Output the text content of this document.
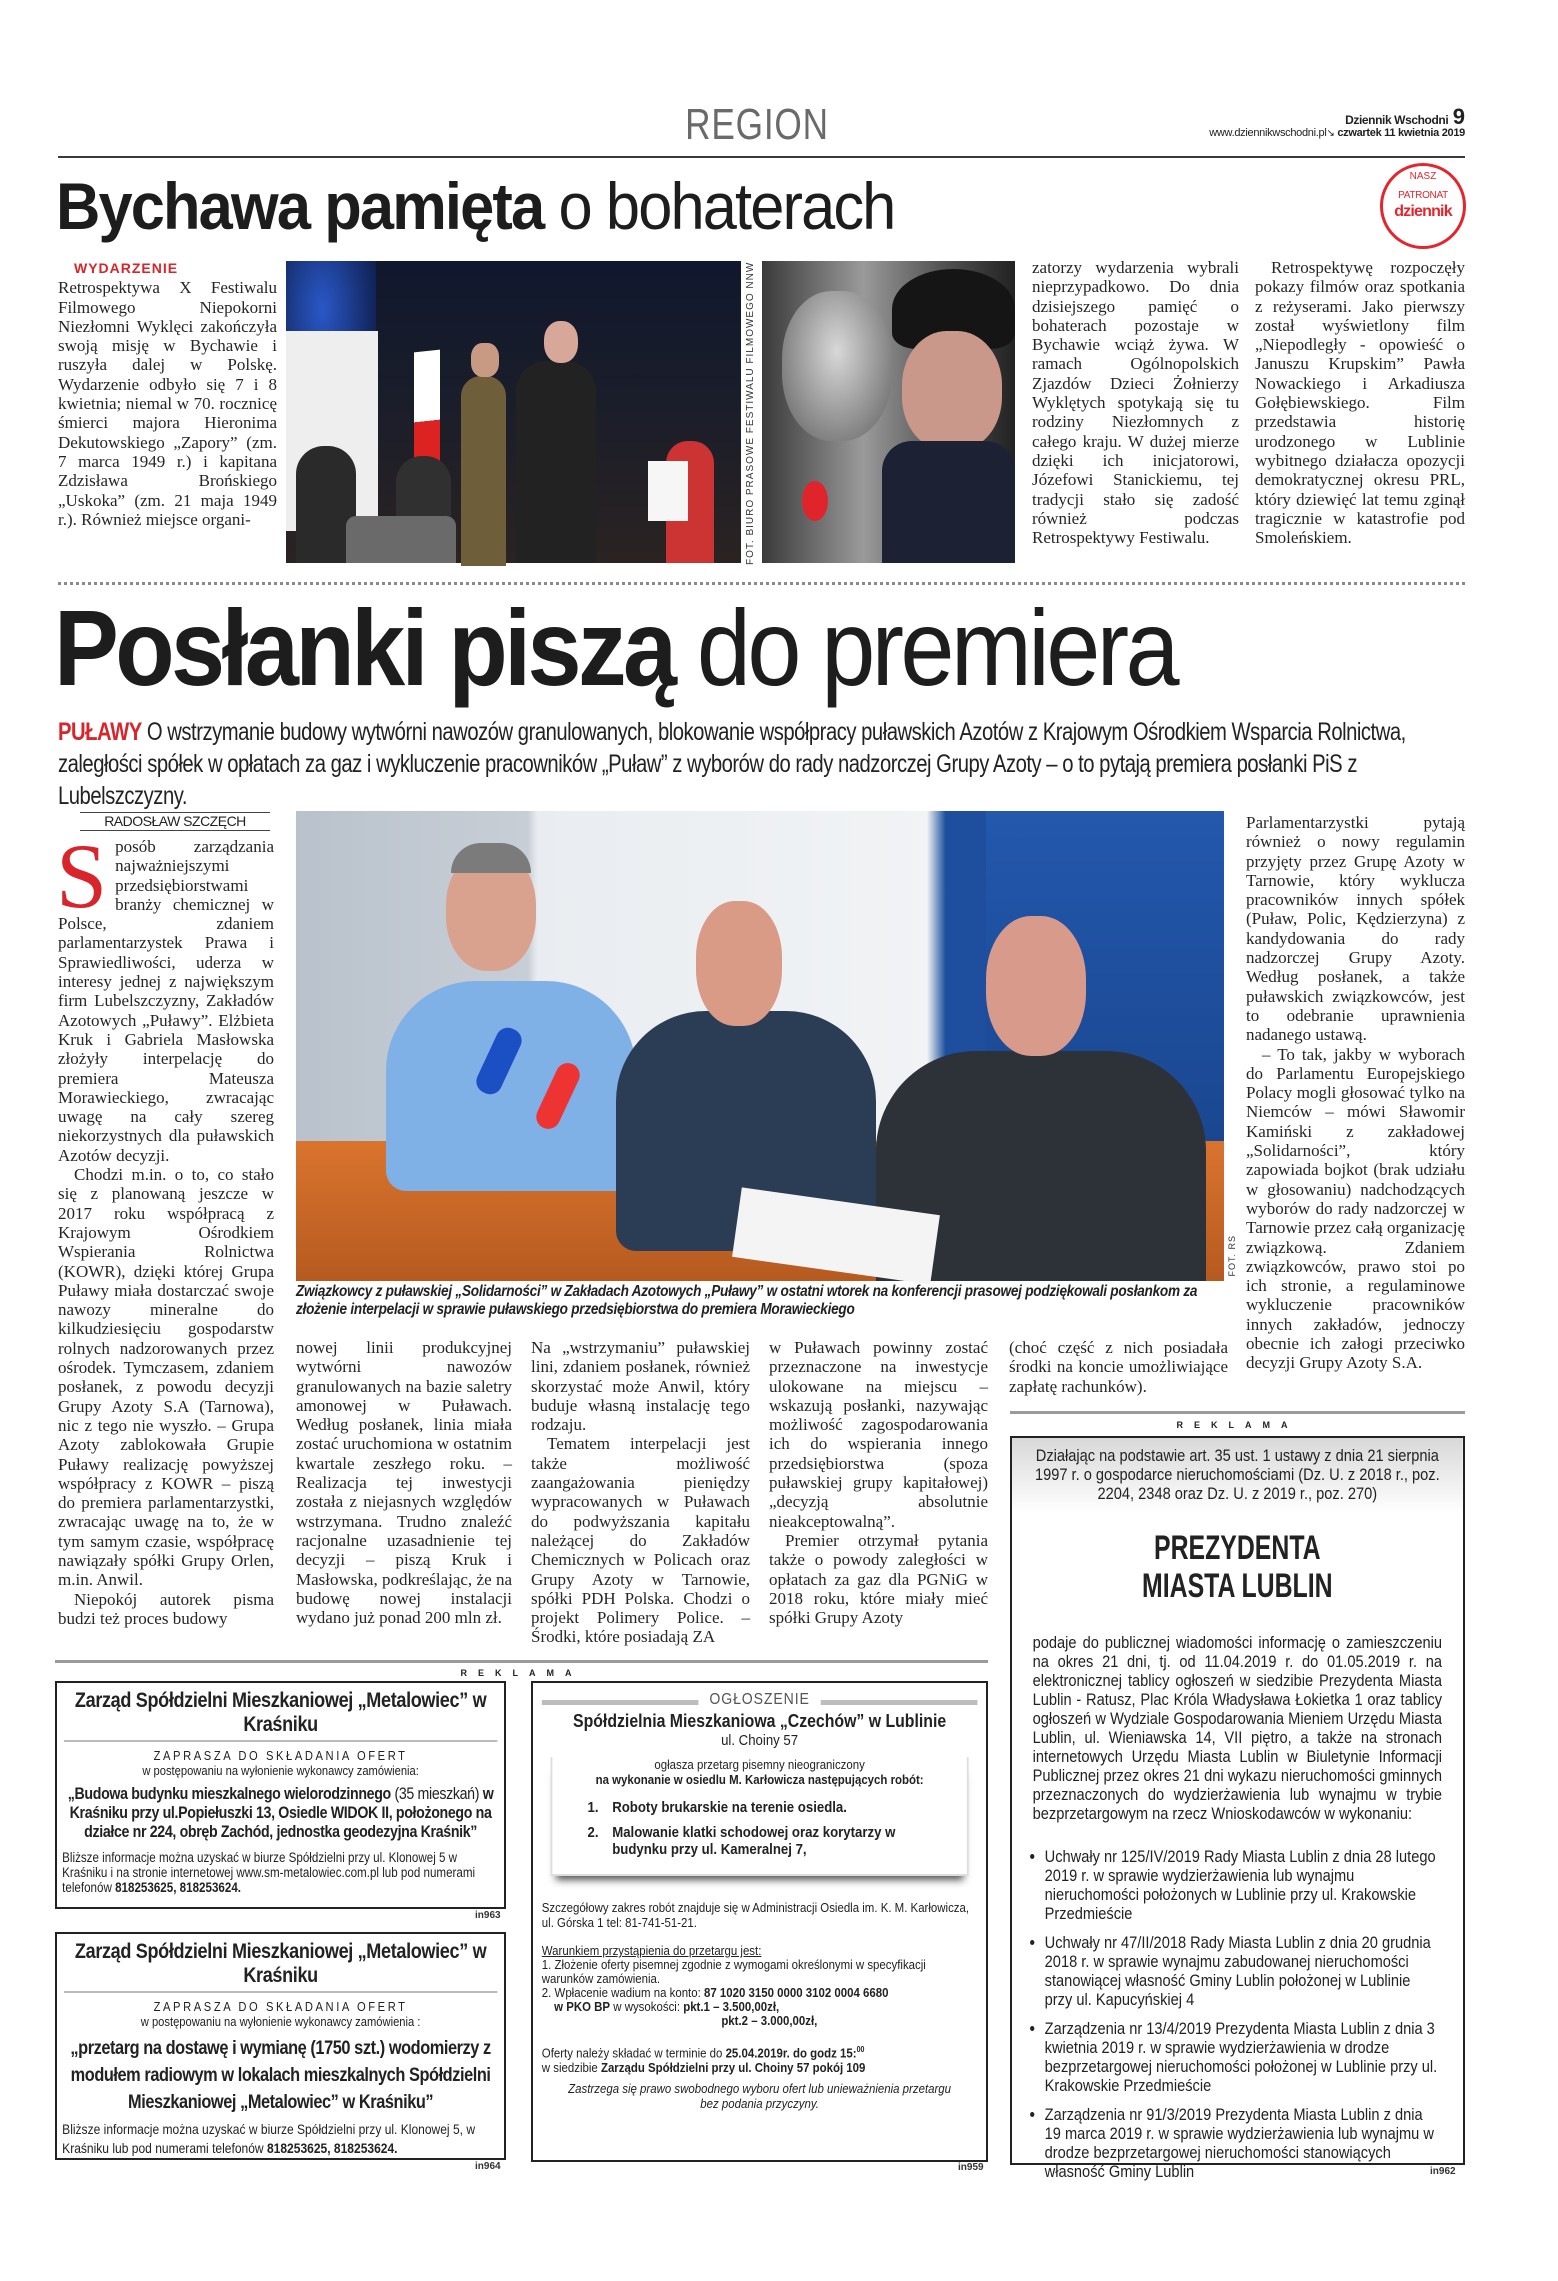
REGION	Dziennik Wschodni 9
www.dziennikwschodni.pl↘ czwartek 11 kwietnia 2019
NASZ
PATRONAT
dziennik
Bychawa pamięta o bohaterach

WYDARZENIE Retrospektywa X Festiwalu Filmowego Niepokorni Niezłomni Wyklęci zakończyła swoją misję w Bychawie i ruszyła dalej w Polskę. Wydarzenie odbyło się 7 i 8 kwietnia; niemal w 70. rocznicę śmierci majora Hieronima Dekutowskiego „Zapory” (zm. 7 marca 1949 r.) i kapitana Zdzisława Brońskiego „Uskoka” (zm. 21 maja 1949 r.). Również miejsce organi-	FOT. BIURO PRASOWE FESTIWALU FILMOWEGO NNW	zatorzy wydarzenia wybrali nieprzypadkowo. Do dnia dzisiejszego pamięć o bohaterach pozostaje w Bychawie wciąż żywa. W ramach Ogólnopolskich Zjazdów Dzieci Żołnierzy Wyklętych spotykają się tu rodziny Niezłomnych z całego kraju. W dużej mierze dzięki ich inicjatorowi, Józefowi Stanickiemu, tej tradycji stało się zadość również podczas Retrospektywy Festiwalu.

Retrospektywę rozpoczęły pokazy filmów oraz spotkania z reżyserami. Jako pierwszy został wyświetlony film „Niepodległy - opowieść o Januszu Krupskim” Pawła Nowackiego i Arkadiusza Gołębiewskiego. Film przedstawia historię urodzonego w Lublinie wybitnego działacza opozycji demokratycznej okresu PRL, który dziewięć lat temu zginął tragicznie w katastrofie pod Smoleńskiem.

Posłanki piszą do premiera
PUŁAWY O wstrzymanie budowy wytwórni nawozów granulowanych, blokowanie współpracy puławskich Azotów z Krajowym Ośrodkiem Wsparcia Rolnictwa, zaległości spółek w opłatach za gaz i wykluczenie pracowników „Puław” z wyborów do rady nadzorczej Grupy Azoty – o to pytają premiera posłanki PiS z Lubelszczyzny.
RADOSŁAW SZCZĘCH
S posób zarządzania najważniejszymi przedsiębiorstwami branży chemicznej w Polsce, zdaniem parlamentarzystek Prawa i Sprawiedliwości, uderza w interesy jednej z największym firm Lubelszczyzny, Zakładów Azotowych „Puławy”. Elżbieta Kruk i Gabriela Masłowska złożyły interpelację do premiera Mateusza Morawieckiego, zwracając uwagę na cały szereg niekorzystnych dla puławskich Azotów decyzji.

Chodzi m.in. o to, co stało się z planowaną jeszcze w 2017 roku współpracą z Krajowym Ośrodkiem Wspierania Rolnictwa (KOWR), dzięki której Grupa Puławy miała dostarczać swoje nawozy mineralne do kilkudziesięciu gospodarstw rolnych nadzorowanych przez ośrodek. Tymczasem, zdaniem posłanek, z powodu decyzji Grupy Azoty S.A (Tarnowa), nic z tego nie wyszło. – Grupa Azoty zablokowała Grupie Puławy realizację powyższej współpracy z KOWR – piszą do premiera parlamentarzystki, zwracając uwagę na to, że w tym samym czasie, współpracę nawiązały spółki Grupy Orlen, m.in. Anwil.

Niepokój autorek pisma budzi też proces budowy

FOT. RS
Związkowcy z puławskiej „Solidarności” w Zakładach Azotowych „Puławy” w ostatni wtorek na konferencji prasowej podziękowali posłankom za złożenie interpelacji w sprawie puławskiego przedsiębiorstwa do premiera Morawieckiego

nowej linii produkcyjnej wytwórni nawozów granulowanych na bazie saletry amonowej w Puławach. Według posłanek, linia miała zostać uruchomiona w ostatnim kwartale zeszłego roku. – Realizacja tej inwestycji została z niejasnych względów wstrzymana. Trudno znaleźć racjonalne uzasadnienie tej decyzji – piszą Kruk i Masłowska, podkreślając, że na budowę nowej instalacji wydano już ponad 200 mln zł.

Na „wstrzymaniu” puławskiej lini, zdaniem posłanek, również skorzystać może Anwil, który buduje własną instalację tego rodzaju.

Tematem interpelacji jest także możliwość zaangażowania pieniędzy wypracowanych w Puławach do podwyższania kapitału należącej do Zakładów Chemicznych w Policach oraz Grupy Azoty w Tarnowie, spółki PDH Polska. Chodzi o projekt Polimery Police. – Środki, które posiadają ZA

w Puławach powinny zostać przeznaczone na inwestycje ulokowane na miejscu – wskazują posłanki, nazywając możliwość zagospodarowania ich do wspierania innego przedsiębiorstwa (spoza puławskiej grupy kapitałowej) „decyzją absolutnie nieakceptowalną”.

Premier otrzymał pytania także o powody zaległości w opłatach za gaz dla PGNiG w 2018 roku, które miały mieć spółki Grupy Azoty

(choć część z nich posiadała środki na koncie umożliwiające zapłatę rachunków).

Parlamentarzystki pytają również o nowy regulamin przyjęty przez Grupę Azoty w Tarnowie, który wyklucza pracowników innych spółek (Puław, Polic, Kędzierzyna) z kandydowania do rady nadzorczej Grupy Azoty. Według posłanek, a także puławskich związkowców, jest to odebranie uprawnienia nadanego ustawą.

– To tak, jakby w wyborach do Parlamentu Europejskiego Polacy mogli głosować tylko na Niemców – mówi Sławomir Kamiński z zakładowej „Solidarności”, który zapowiada bojkot (brak udziału w głosowaniu) nadchodzących wyborów do rady nadzorczej w Tarnowie przez całą organizację związkową. Zdaniem związkowców, prawo stoi po ich stronie, a regulaminowe wykluczenie pracowników innych zakładów, jednoczy obecnie ich załogi przeciwko decyzji Grupy Azoty S.A.

REKLAMA
Działając na podstawie art. 35 ust. 1 ustawy z dnia 21 sierpnia 1997 r. o gospodarce nieruchomościami (Dz. U. z 2018 r., poz. 2204, 2348 oraz Dz. U. z 2019 r., poz. 270)
PREZYDENTA
MIASTA LUBLIN
podaje do publicznej wiadomości informację o zamieszczeniu na okres 21 dni, tj. od 11.04.2019 r. do 01.05.2019 r. na elektronicznej tablicy ogłoszeń w siedzibie Prezydenta Miasta Lublin - Ratusz, Plac Króla Władysława Łokietka 1 oraz tablicy ogłoszeń w Wydziale Gospodarowania Mieniem Urzędu Miasta Lublin, ul. Wieniawska 14, VII piętro, a także na stronach internetowych Urzędu Miasta Lublin w Biuletynie Informacji Publicznej przez okres 21 dni wykazu nieruchomości gminnych przeznaczonych do wydzierżawienia lub wynajmu w trybie bezprzetargowym na rzecz Wnioskodawców w wykonaniu:
• Uchwały nr 125/IV/2019 Rady Miasta Lublin z dnia 28 lutego 2019 r. w sprawie wydzierżawienia lub wynajmu nieruchomości położonych w Lublinie przy ul. Krakowskie Przedmieście
• Uchwały nr 47/II/2018 Rady Miasta Lublin z dnia 20 grudnia 2018 r. w sprawie wynajmu zabudowanej nieruchomości stanowiącej własność Gminy Lublin położonej w Lublinie przy ul. Kapucyńskiej 4
• Zarządzenia nr 13/4/2019 Prezydenta Miasta Lublin z dnia 3 kwietnia 2019 r. w sprawie wydzierżawienia w drodze bezprzetargowej nieruchomości położonej w Lublinie przy ul. Krakowskie Przedmieście
• Zarządzenia nr 91/3/2019 Prezydenta Miasta Lublin z dnia 19 marca 2019 r. w sprawie wydzierżawienia lub wynajmu w drodze bezprzetargowej nieruchomości stanowiących własność Gminy Lublin	in962
REKLAMA
Zarząd Spółdzielni Mieszkaniowej „Metalowiec” w Kraśniku
ZAPRASZA DO SKŁADANIA OFERT
w postępowaniu na wyłonienie wykonawcy zamówienia:
„Budowa budynku mieszkalnego wielorodzinnego (35 mieszkań) w Kraśniku przy ul.Popiełuszki 13, Osiedle WIDOK II, położonego na działce nr 224, obręb Zachód, jednostka geodezyjna Kraśnik”
Bliższe informacje można uzyskać w biurze Spółdzielni przy ul. Klonowej 5 w Kraśniku i na stronie internetowej www.sm-metalowiec.com.pl lub pod numerami telefonów 818253625, 818253624.
in963
Zarząd Spółdzielni Mieszkaniowej „Metalowiec” w Kraśniku
ZAPRASZA DO SKŁADANIA OFERT
w postępowaniu na wyłonienie wykonawcy zamówienia :
„przetarg na dostawę i wymianę (1750 szt.) wodomierzy z modułem radiowym w lokalach mieszkalnych Spółdzielni Mieszkaniowej „Metalowiec” w Kraśniku”
Bliższe informacje można uzyskać w biurze Spółdzielni przy ul. Klonowej 5, w Kraśniku lub pod numerami telefonów 818253625, 818253624.
in964
OGŁOSZENIE
Spółdzielnia Mieszkaniowa „Czechów” w Lublinie
ul. Choiny 57
ogłasza przetarg pisemny nieograniczony
na wykonanie w osiedlu M. Karłowicza następujących robót:
1. Roboty brukarskie na terenie osiedla.
2. Malowanie klatki schodowej oraz korytarzy w budynku przy ul. Kameralnej 7,
Szczegółowy zakres robót znajduje się w Administracji Osiedla im. K. M. Karłowicza, ul. Górska 1 tel: 81-741-51-21.
Warunkiem przystąpienia do przetargu jest:
1. Złożenie oferty pisemnej zgodnie z wymogami określonymi w specyfikacji warunków zamówienia.
2. Wpłacenie wadium na konto: 87 1020 3150 0000 3102 0004 6680
w PKO BP w wysokości: pkt.1 – 3.500,00zł,
pkt.2 – 3.000,00zł,
Oferty należy składać w terminie do 25.04.2019r. do godz 15:$^{00}$
w siedzibie Zarządu Spółdzielni przy ul. Choiny 57 pokój 109
Zastrzega się prawo swobodnego wyboru ofert lub unieważnienia przetargu bez podania przyczyny.
in959
